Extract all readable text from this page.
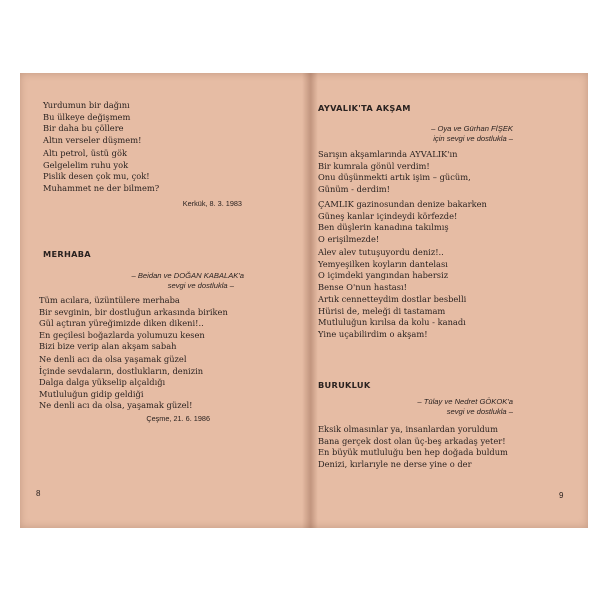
Yurdumun bir dağını
Bu ülkeye değişmem
Bir daha bu çöllere
Altın verseler düşmem!
Altı petrol, üstü gök
Gelgelelim ruhu yok
Pislik desen çok mu, çok!
Muhammet ne der bilmem?
Kerkük, 8. 3. 1983
MERHABA
– Beidan ve DOĞAN KABALAK'a
sevgi ve dostlukla –
Tüm acılara, üzüntülere merhaba
Bir sevginin, bir dostluğun arkasında biriken
Gül açtıran yüreğimizde diken dikeni!..
En geçilesi boğazlarda yolumuzu kesen
Bizi bize verip alan akşam sabah
Ne denli acı da olsa yaşamak güzel
İçinde sevdaların, dostlukların, denizin
Dalga dalga yükselip alçaldığı
Mutluluğun gidip geldiği
Ne denli acı da olsa, yaşamak güzel!
Çeşme, 21. 6. 1986
8
AYVALIK'TA AKŞAM
– Oya ve Gürhan FİŞEK
için sevgi ve dostlukla –
Sarışın akşamlarında AYVALIK'ın
Bir kumrala gönül verdim!
Onu düşünmekti artık işim – gücüm,
Günüm - derdim!
ÇAMLIK gazinosundan denize bakarken
Güneş kanlar içindeydi körfezde!
Ben düşlerin kanadına takılmış
O erişilmezde!
Alev alev tutuşuyordu deniz!..
Yemyeşilken koyların dantelası
O içimdeki yangından habersiz
Bense O'nun hastası!
Artık cennetteydim dostlar besbelli
Hürisi de, meleği di tastamam
Mutluluğun kırılsa da kolu - kanadı
Yine uçabilirdim o akşam!
BURUKLUK
– Tülay ve Nedret GÖKOK'a
sevgi ve dostlukla –
Eksik olmasınlar ya, insanlardan yoruldum
Bana gerçek dost olan üç-beş arkadaş yeter!
En büyük mutluluğu ben hep doğada buldum
Denizi, kırlarıyle ne derse yine o der
9
